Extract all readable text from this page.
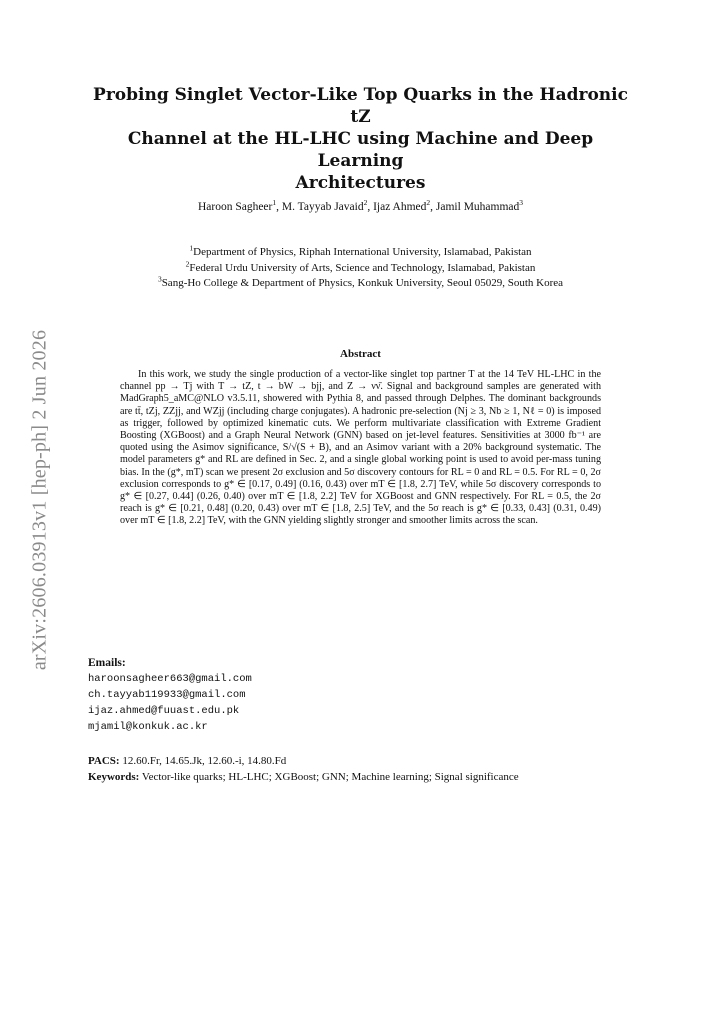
arXiv:2606.03913v1 [hep-ph] 2 Jun 2026
Probing Singlet Vector-Like Top Quarks in the Hadronic tZ
Channel at the HL-LHC using Machine and Deep Learning
Architectures
Haroon Sagheer$^1$, M. Tayyab Javaid$^2$, Ijaz Ahmed$^2$, Jamil Muhammad$^3$
$^1$Department of Physics, Riphah International University, Islamabad, Pakistan
$^2$Federal Urdu University of Arts, Science and Technology, Islamabad, Pakistan
$^3$Sang-Ho College & Department of Physics, Konkuk University, Seoul 05029, South Korea
Abstract

In this work, we study the single production of a vector-like singlet top partner T at the 14 TeV HL-LHC in the channel pp → Tj with T → tZ, t → bW → bjj, and Z → νν̄. Signal and background samples are generated with MadGraph5_aMC@NLO v3.5.11, showered with Pythia 8, and passed through Delphes. The dominant backgrounds are tt̄, tZj, ZZjj, and WZjj (including charge conjugates). A hadronic pre-selection (Nj ≥ 3, Nb ≥ 1, Nℓ = 0) is imposed as trigger, followed by optimized kinematic cuts. We perform multivariate classification with Extreme Gradient Boosting (XGBoost) and a Graph Neural Network (GNN) based on jet-level features. Sensitivities at 3000 fb⁻¹ are quoted using the Asimov significance, S/√(S + B), and an Asimov variant with a 20% background systematic. The model parameters g* and RL are defined in Sec. 2, and a single global working point is used to avoid per-mass tuning bias. In the (g*, mT) scan we present 2σ exclusion and 5σ discovery contours for RL = 0 and RL = 0.5. For RL = 0, 2σ exclusion corresponds to g* ∈ [0.17, 0.49] (0.16, 0.43) over mT ∈ [1.8, 2.7] TeV, while 5σ discovery corresponds to g* ∈ [0.27, 0.44] (0.26, 0.40) over mT ∈ [1.8, 2.2] TeV for XGBoost and GNN respectively. For RL = 0.5, the 2σ reach is g* ∈ [0.21, 0.48] (0.20, 0.43) over mT ∈ [1.8, 2.5] TeV, and the 5σ reach is g* ∈ [0.33, 0.43] (0.31, 0.49) over mT ∈ [1.8, 2.2] TeV, with the GNN yielding slightly stronger and smoother limits across the scan.

Emails:
haroonsagheer663@gmail.com
ch.tayyab119933@gmail.com
ijaz.ahmed@fuuast.edu.pk
mjamil@konkuk.ac.kr
PACS: 12.60.Fr, 14.65.Jk, 12.60.-i, 14.80.Fd
Keywords: Vector-like quarks; HL-LHC; XGBoost; GNN; Machine learning; Signal significance
